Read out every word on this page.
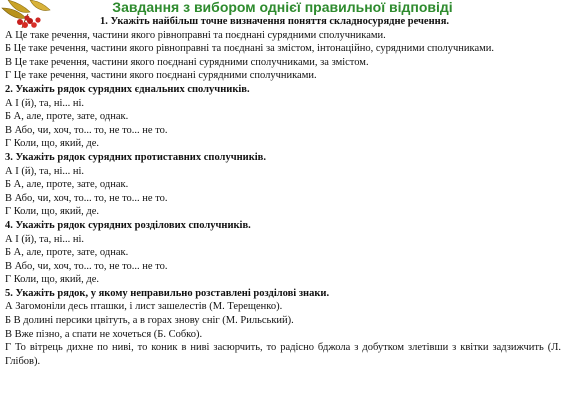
Завдання з вибором однієї правильної відповіді
1. Укажіть найбільш точне визначення поняття складносурядне речення.
А Це таке речення, частини якого рівноправні та поєднані сурядними сполучниками.
Б Це таке речення, частини якого рівноправні та поєднані за змістом, інтонаційно, сурядними сполучниками.
В Це таке речення, частини якого поєднані сурядними сполучниками, за змістом.
Г Це таке речення, частини якого поєднані сурядними сполучниками.
2. Укажіть рядок сурядних єднальних сполучників.
А І (й), та, ні... ні.
Б А, але, проте, зате, однак.
В Або, чи, хоч, то... то, не то... не то.
Г Коли, що, який, де.
3. Укажіть рядок сурядних протиставних сполучників.
А І (й), та, ні... ні.
Б А, але, проте, зате, однак.
В Або, чи, хоч, то... то, не то... не то.
Г Коли, що, який, де.
4. Укажіть рядок сурядних розділових сполучників.
А І (й), та, ні... ні.
Б А, але, проте, зате, однак.
В Або, чи, хоч, то... то, не то... не то.
Г Коли, що, який, де.
5. Укажіть рядок, у якому неправильно розставлені розділові знаки.
А Загомоніли десь пташки, і лист зашелестів (М. Терещенко).
Б В долині персики цвітуть, а в горах знову сніг (М. Рильський).
В Вже пізно, а спати не хочеться (Б. Собко).
Г То вітрець дихне по ниві, то коник в ниві засюрчить, то радісно бджола з добутком злетівши з квітки задзижчить (Л. Глібов).
